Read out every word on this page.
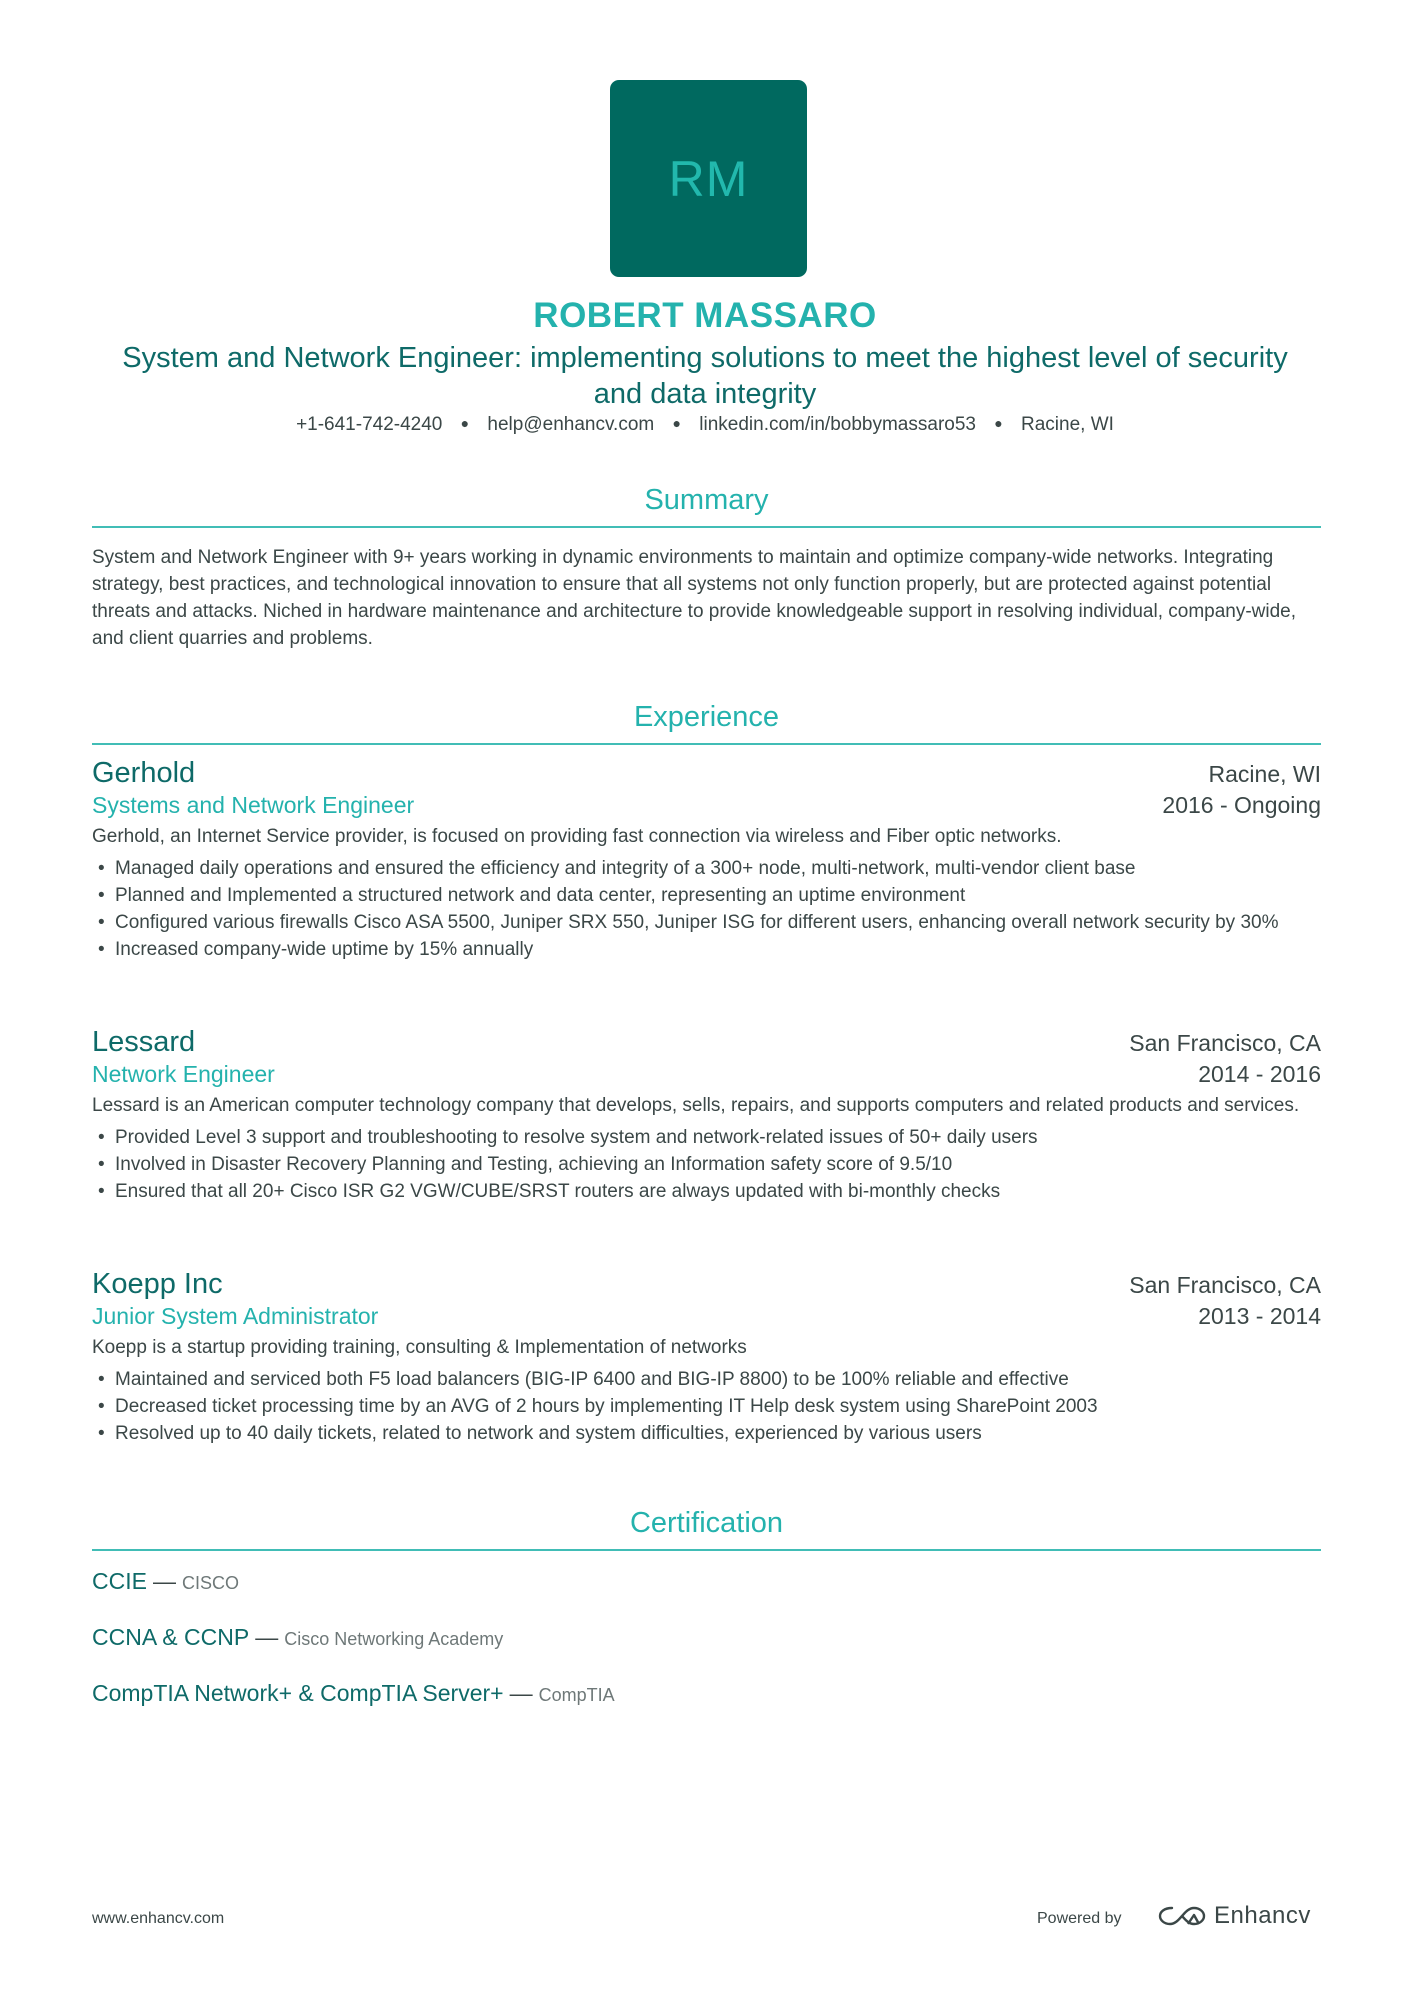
RM
ROBERT MASSARO
System and Network Engineer: implementing solutions to meet the highest level of security and data integrity
+1-641-742-4240 ● help@enhancv.com ● linkedin.com/in/bobbymassaro53 ● Racine, WI
Summary
System and Network Engineer with 9+ years working in dynamic environments to maintain and optimize company-wide networks. Integrating strategy, best practices, and technological innovation to ensure that all systems not only function properly, but are protected against potential threats and attacks. Niched in hardware maintenance and architecture to provide knowledgeable support in resolving individual, company-wide, and client quarries and problems.
Experience
Gerhold	Racine, WI
Systems and Network Engineer	2016 - Ongoing
Gerhold, an Internet Service provider, is focused on providing fast connection via wireless and Fiber optic networks.
• Managed daily operations and ensured the efficiency and integrity of a 300+ node, multi-network, multi-vendor client base
• Planned and Implemented a structured network and data center, representing an uptime environment
• Configured various firewalls Cisco ASA 5500, Juniper SRX 550, Juniper ISG for different users, enhancing overall network security by 30%
• Increased company-wide uptime by 15% annually
Lessard	San Francisco, CA
Network Engineer	2014 - 2016
Lessard is an American computer technology company that develops, sells, repairs, and supports computers and related products and services.
• Provided Level 3 support and troubleshooting to resolve system and network-related issues of 50+ daily users
• Involved in Disaster Recovery Planning and Testing, achieving an Information safety score of 9.5/10
• Ensured that all 20+ Cisco ISR G2 VGW/CUBE/SRST routers are always updated with bi-monthly checks
Koepp Inc	San Francisco, CA
Junior System Administrator	2013 - 2014
Koepp is a startup providing training, consulting & Implementation of networks
• Maintained and serviced both F5 load balancers (BIG-IP 6400 and BIG-IP 8800) to be 100% reliable and effective
• Decreased ticket processing time by an AVG of 2 hours by implementing IT Help desk system using SharePoint 2003
• Resolved up to 40 daily tickets, related to network and system difficulties, experienced by various users
Certification
CCIE — CISCO
CCNA & CCNP — Cisco Networking Academy
CompTIA Network+ & CompTIA Server+ — CompTIA
www.enhancv.com	Powered by	Enhancv
